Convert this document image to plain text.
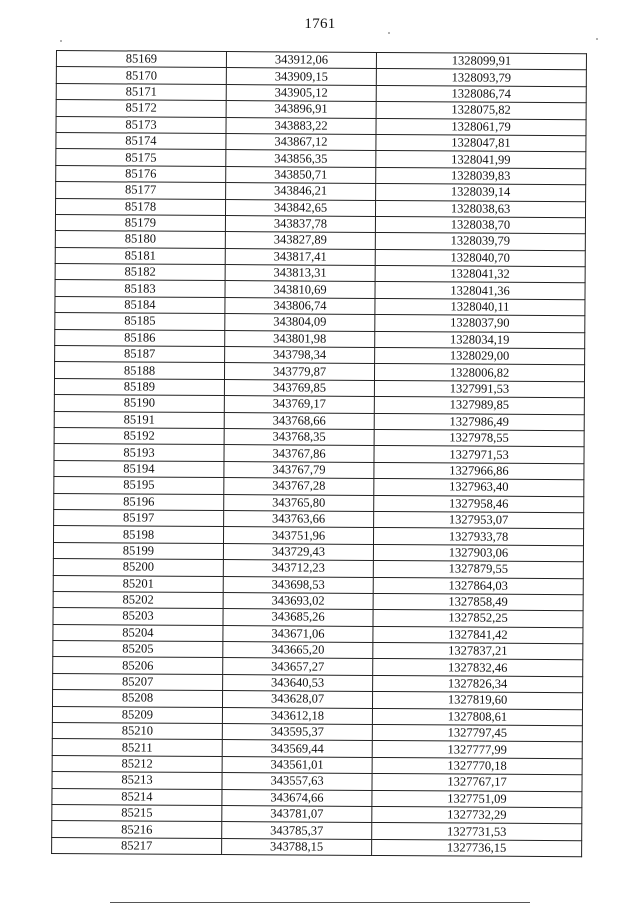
1761
85169	343912,06	1328099,91
85170	343909,15	1328093,79
85171	343905,12	1328086,74
85172	343896,91	1328075,82
85173	343883,22	1328061,79
85174	343867,12	1328047,81
85175	343856,35	1328041,99
85176	343850,71	1328039,83
85177	343846,21	1328039,14
85178	343842,65	1328038,63
85179	343837,78	1328038,70
85180	343827,89	1328039,79
85181	343817,41	1328040,70
85182	343813,31	1328041,32
85183	343810,69	1328041,36
85184	343806,74	1328040,11
85185	343804,09	1328037,90
85186	343801,98	1328034,19
85187	343798,34	1328029,00
85188	343779,87	1328006,82
85189	343769,85	1327991,53
85190	343769,17	1327989,85
85191	343768,66	1327986,49
85192	343768,35	1327978,55
85193	343767,86	1327971,53
85194	343767,79	1327966,86
85195	343767,28	1327963,40
85196	343765,80	1327958,46
85197	343763,66	1327953,07
85198	343751,96	1327933,78
85199	343729,43	1327903,06
85200	343712,23	1327879,55
85201	343698,53	1327864,03
85202	343693,02	1327858,49
85203	343685,26	1327852,25
85204	343671,06	1327841,42
85205	343665,20	1327837,21
85206	343657,27	1327832,46
85207	343640,53	1327826,34
85208	343628,07	1327819,60
85209	343612,18	1327808,61
85210	343595,37	1327797,45
85211	343569,44	1327777,99
85212	343561,01	1327770,18
85213	343557,63	1327767,17
85214	343674,66	1327751,09
85215	343781,07	1327732,29
85216	343785,37	1327731,53
85217	343788,15	1327736,15
